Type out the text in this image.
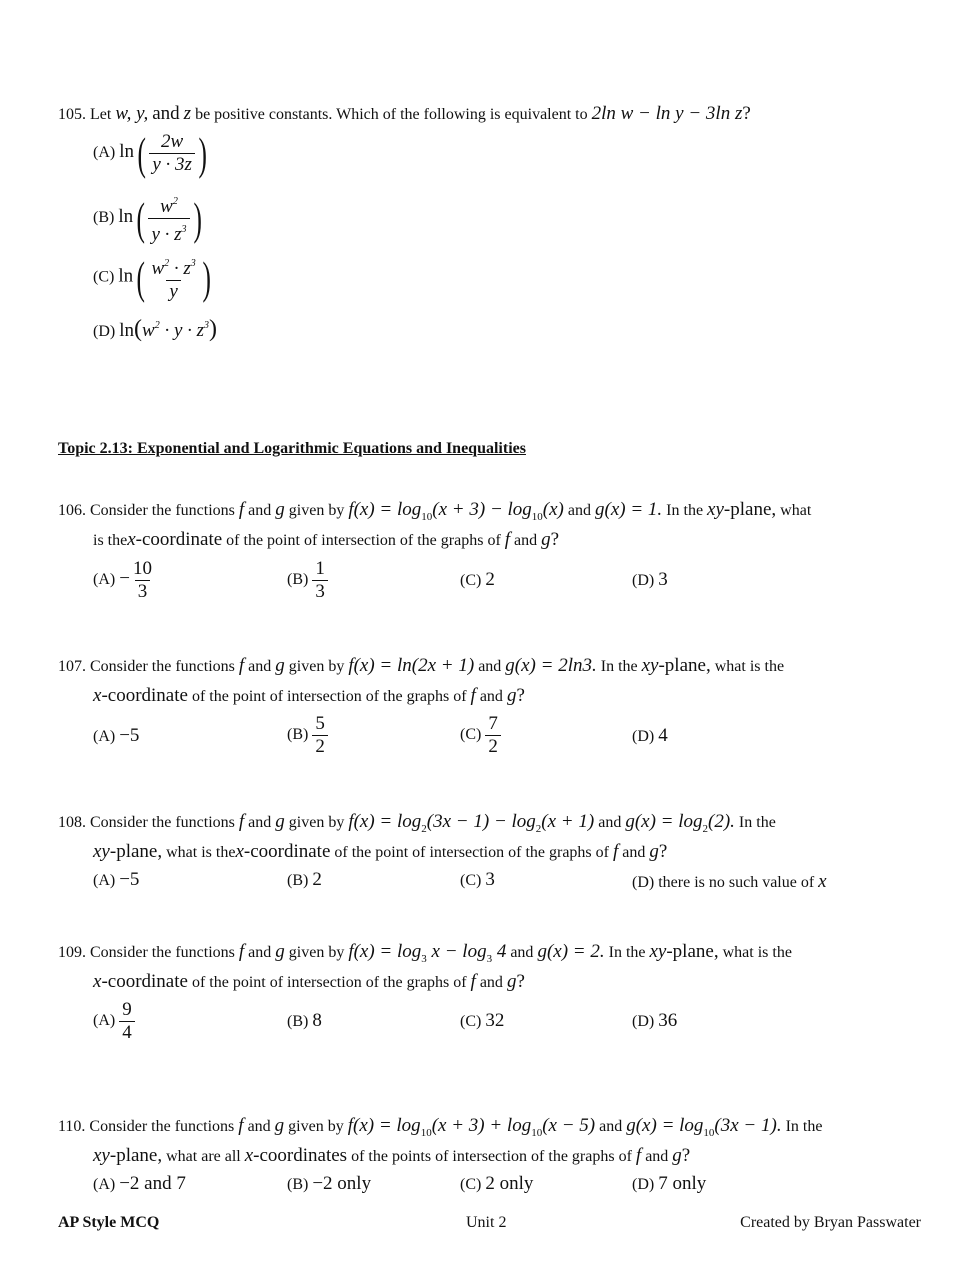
105. Let w, y, and z be positive constants. Which of the following is equivalent to 2ln w − ln y − 3ln z?
(A) $\ln( \frac{2w}{y \cdot 3z}$ )
(B) $\ln( \frac{w^2}{y \cdot z^3}$ )
(C) $\ln( \frac{w^2 \cdot z^3}{y}$ )
(D) $\ln(w^2 \cdot y \cdot z^3)$
Topic 2.13: Exponential and Logarithmic Equations and Inequalities
106. Consider the functions f and g given by $f(x) = \log_{10}(x + 3) - \log_{10}(x)$ and g(x) = 1. In the xy-plane, what
is thex-coordinate of the point of intersection of the graphs of f and g?
$(A) - \frac{10}{3}$	$(B) \frac{1}{3}$	(C) 2	(D) 3
107. Consider the functions f and g given by f(x) = ln(2x + 1) and g(x) = 2ln3. In the xy-plane, what is the
x-coordinate of the point of intersection of the graphs of f and g?
(A) −5	$(B) \frac{5}{2}$	$(C) \frac{7}{2}$	(D) 4
108. Consider the functions f and g given by $f(x) = \log_2(3x - 1) - \log_2(x + 1)$ and $g(x) = \log_2(2)$. In the
xy-plane, what is thex-coordinate of the point of intersection of the graphs of f and g?
(A) −5	(B) 2	(C) 3	(D) there is no such value of x
109. Consider the functions f and g given by $f(x) = \log_3 x - \log_3 4$ and g(x) = 2. In the xy-plane, what is the
x-coordinate of the point of intersection of the graphs of f and g?
$(A) \frac{9}{4}$	(B) 8	(C) 32	(D) 36
110. Consider the functions f and g given by $f(x) = \log_{10}(x + 3) + \log_{10}(x - 5)$ and $g(x) = \log_{10}(3x - 1)$. In the
xy-plane, what are all x-coordinates of the points of intersection of the graphs of f and g?
(A) −2 and 7	(B) −2 only	(C) 2 only	(D) 7 only
AP Style MCQ	Unit 2	Created by Bryan Passwater
